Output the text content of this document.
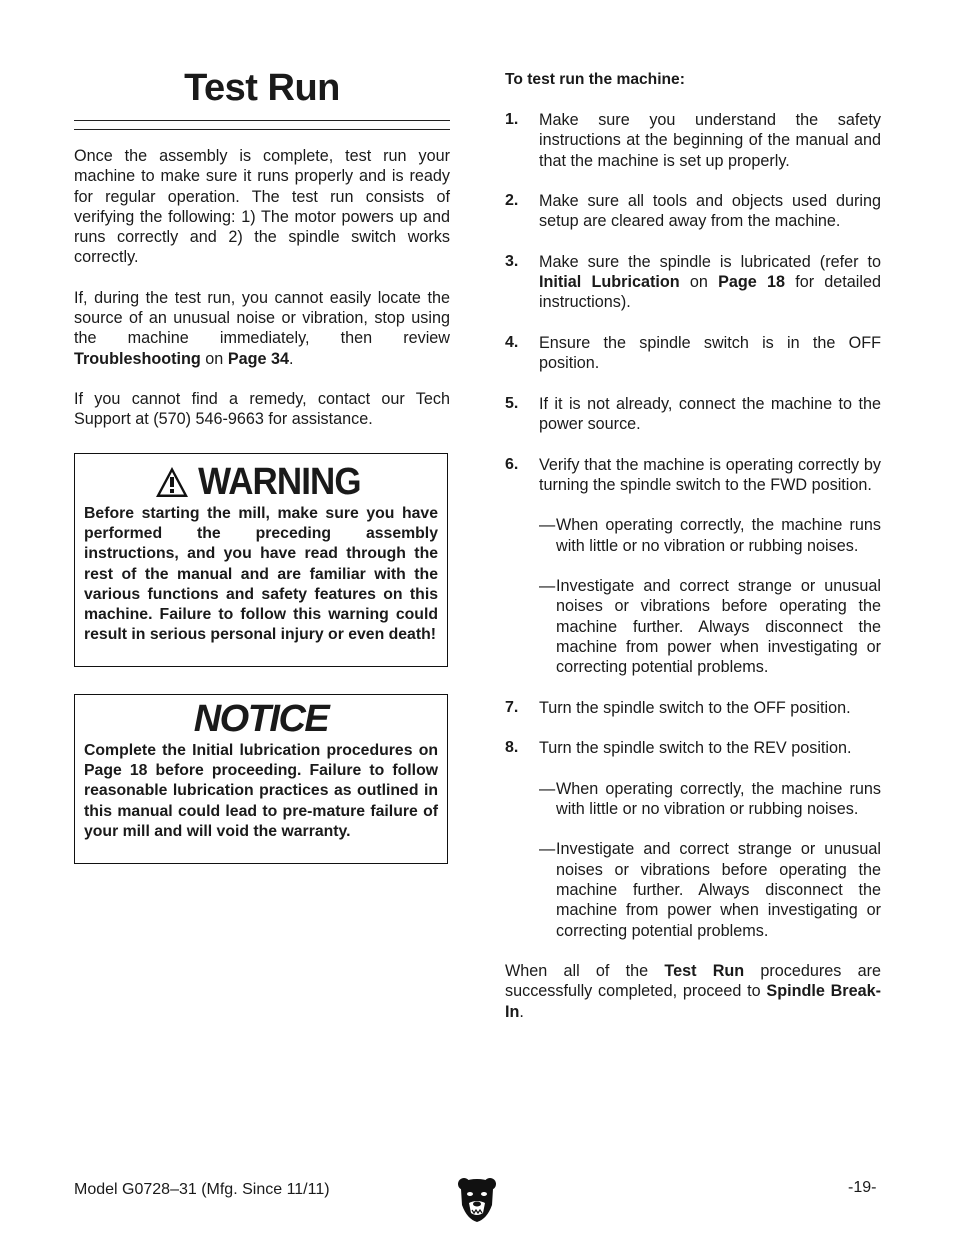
Test Run

Once the assembly is complete, test run your machine to make sure it runs properly and is ready for regular operation. The test run consists of verifying the following: 1) The motor powers up and runs correctly and 2) the spindle switch works correctly.

If, during the test run, you cannot easily locate the source of an unusual noise or vibration, stop using the machine immediately, then review Troubleshooting on Page 34.

If you cannot find a remedy, contact our Tech Support at (570) 546-9663 for assistance.

WARNING
Before starting the mill, make sure you have performed the preceding assembly instructions, and you have read through the rest of the manual and are familiar with the various functions and safety features on this machine. Failure to follow this warning could result in serious personal injury or even death!
NOTICE
Complete the Initial lubrication procedures on Page 18 before proceeding. Failure to follow reasonable lubrication practices as outlined in this manual could lead to pre-mature failure of your mill and will void the warranty.
To test run the machine:
1.	Make sure you understand the safety instructions at the beginning of the manual and that the machine is set up properly.

2.	Make sure all tools and objects used during setup are cleared away from the machine.

3.	Make sure the spindle is lubricated (refer to Initial Lubrication on Page 18 for detailed instructions).

4.	Ensure the spindle switch is in the OFF position.

5.	If it is not already, connect the machine to the power source.

6.	Verify that the machine is operating correctly by turning the spindle switch to the FWD position.

— When operating correctly, the machine runs with little or no vibration or rubbing noises.

— Investigate and correct strange or unusual noises or vibrations before operating the machine further. Always disconnect the machine from power when investigating or correcting potential problems.

7.	Turn the spindle switch to the OFF position.

8.	Turn the spindle switch to the REV position.

— When operating correctly, the machine runs with little or no vibration or rubbing noises.

— Investigate and correct strange or unusual noises or vibrations before operating the machine further. Always disconnect the machine from power when investigating or correcting potential problems.

When all of the Test Run procedures are successfully completed, proceed to Spindle Break-In.

Model G0728–31 (Mfg. Since 11/11)	-19-
